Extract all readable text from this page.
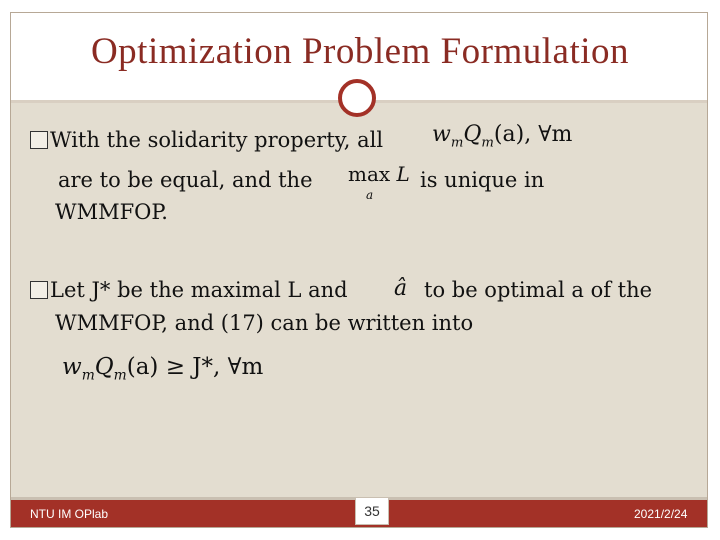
Optimization Problem Formulation
With the solidarity property, all $w_mQ_m(a)$, ∀m
are to be equal, and the max L
a
is unique in
WMMFOP.
Let J* be the maximal L and â to be optimal a of the
WMMFOP, and (17) can be written into
$w_mQ_m(a) \ge J*$, ∀m
NTU IM OPlab	35	2021/2/24
